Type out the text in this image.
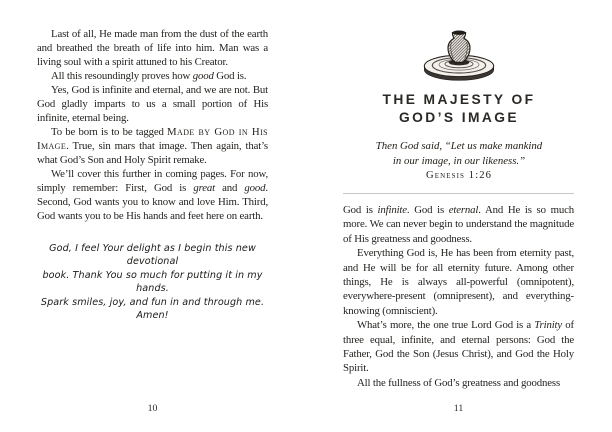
Last of all, He made man from the dust of the earth and breathed the breath of life into him. Man was a living soul with a spirit attuned to his Creator.

All this resoundingly proves how good God is.

Yes, God is infinite and eternal, and we are not. But God gladly imparts to us a small portion of His infinite, eternal being.

To be born is to be tagged Made by God in His Image. True, sin mars that image. Then again, that’s what God’s Son and Holy Spirit remake.

We’ll cover this further in coming pages. For now, simply remember: First, God is great and good. Second, God wants you to know and love Him. Third, God wants you to be His hands and feet here on earth.

God, I feel Your delight as I begin this new devotional
book. Thank You so much for putting it in my hands.
Spark smiles, joy, and fun in and through me. Amen!
10
THE MAJESTY OF
GOD’S IMAGE
Then God said, “Let us make mankind
in our image, in our likeness.”
Genesis 1:26

God is infinite. God is eternal. And He is so much more. We can never begin to understand the magnitude of His greatness and goodness.

Everything God is, He has been from eternity past, and He will be for all eternity future. Among other things, He is always all-powerful (omnipotent), everywhere-present (omnipresent), and everything-knowing (omniscient).

What’s more, the one true Lord God is a Trinity of three equal, infinite, and eternal persons: God the Father, God the Son (Jesus Christ), and God the Holy Spirit.

All the fullness of God’s greatness and goodness

11
